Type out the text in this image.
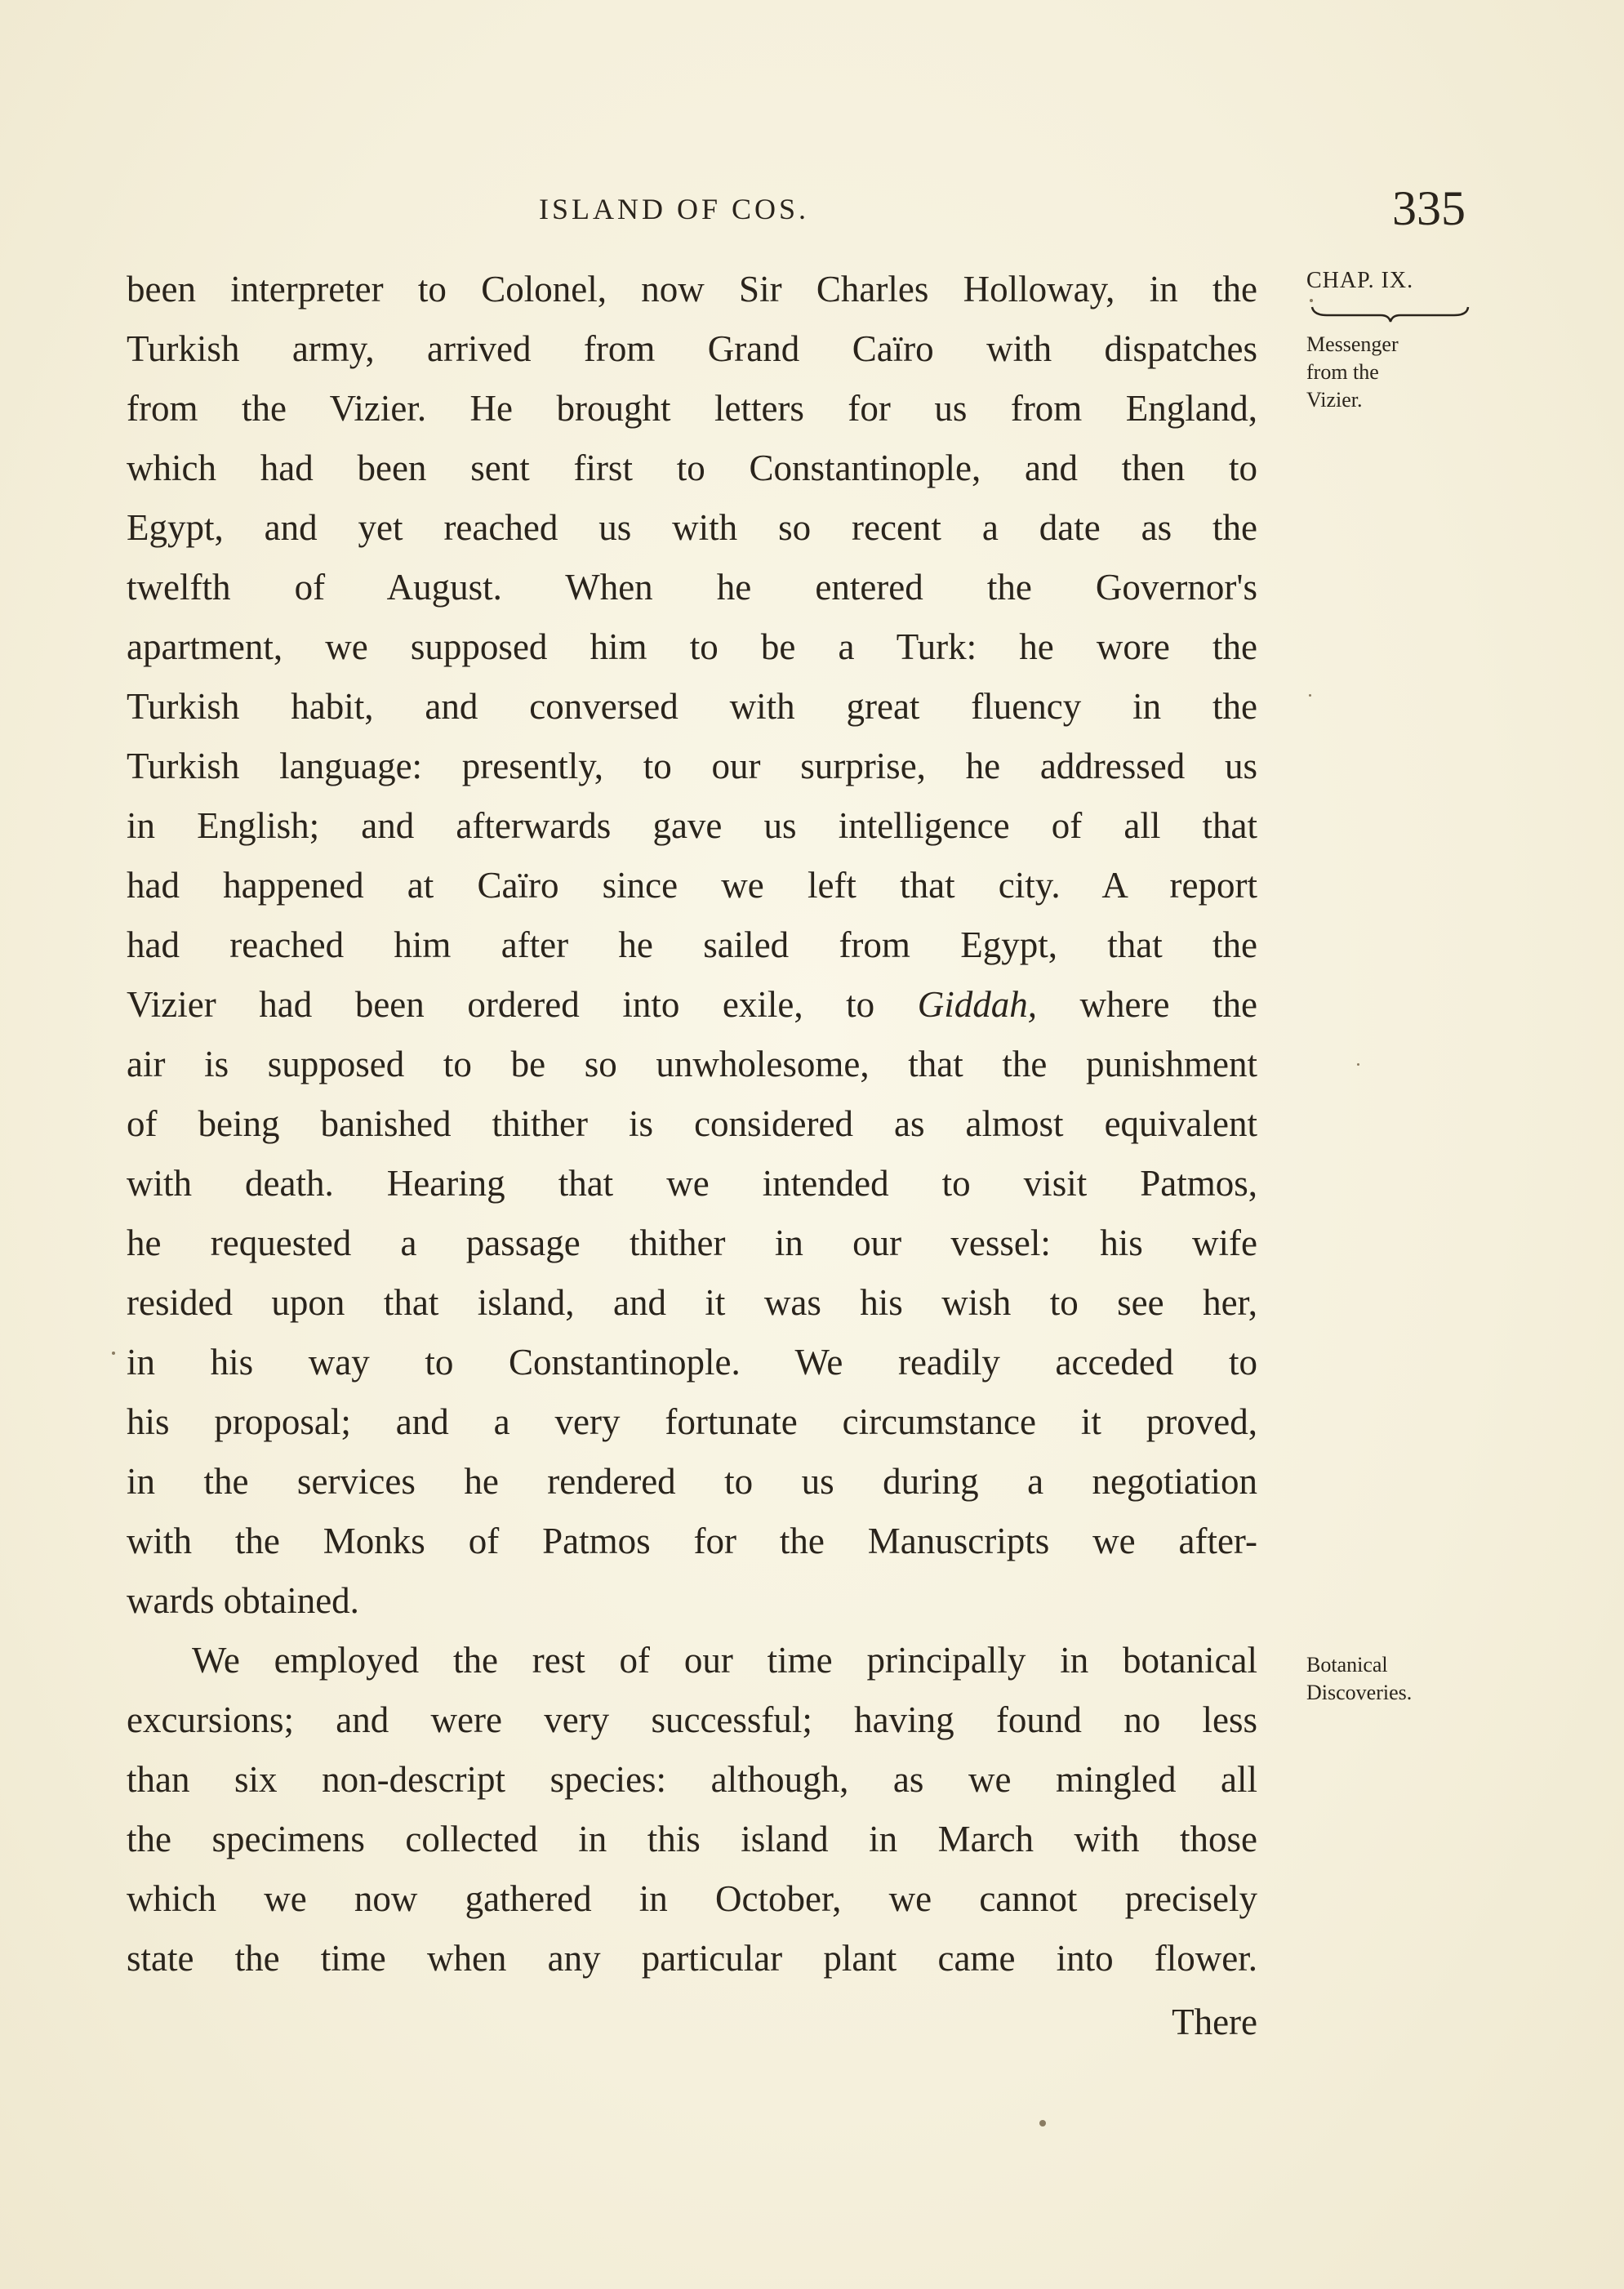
ISLAND OF COS.	335
CHAP. IX.
Messenger
from the
Vizier.
Botanical
Discoveries.
been interpreter to Colonel, now Sir Charles Holloway, in the
Turkish army, arrived from Grand Caïro with dispatches
from the Vizier. He brought letters for us from England,
which had been sent first to Constantinople, and then to
Egypt, and yet reached us with so recent a date as the
twelfth of August. When he entered the Governor's
apartment, we supposed him to be a Turk: he wore the
Turkish habit, and conversed with great fluency in the
Turkish language: presently, to our surprise, he addressed us
in English; and afterwards gave us intelligence of all that
had happened at Caïro since we left that city. A report
had reached him after he sailed from Egypt, that the
Vizier had been ordered into exile, to Giddah, where the
air is supposed to be so unwholesome, that the punishment
of being banished thither is considered as almost equivalent
with death. Hearing that we intended to visit Patmos,
he requested a passage thither in our vessel: his wife
resided upon that island, and it was his wish to see her,
in his way to Constantinople. We readily acceded to
his proposal; and a very fortunate circumstance it proved,
in the services he rendered to us during a negotiation
with the Monks of Patmos for the Manuscripts we after-
wards obtained.
We employed the rest of our time principally in botanical
excursions; and were very successful; having found no less
than six non-descript species: although, as we mingled all
the specimens collected in this island in March with those
which we now gathered in October, we cannot precisely
state the time when any particular plant came into flower.
There
